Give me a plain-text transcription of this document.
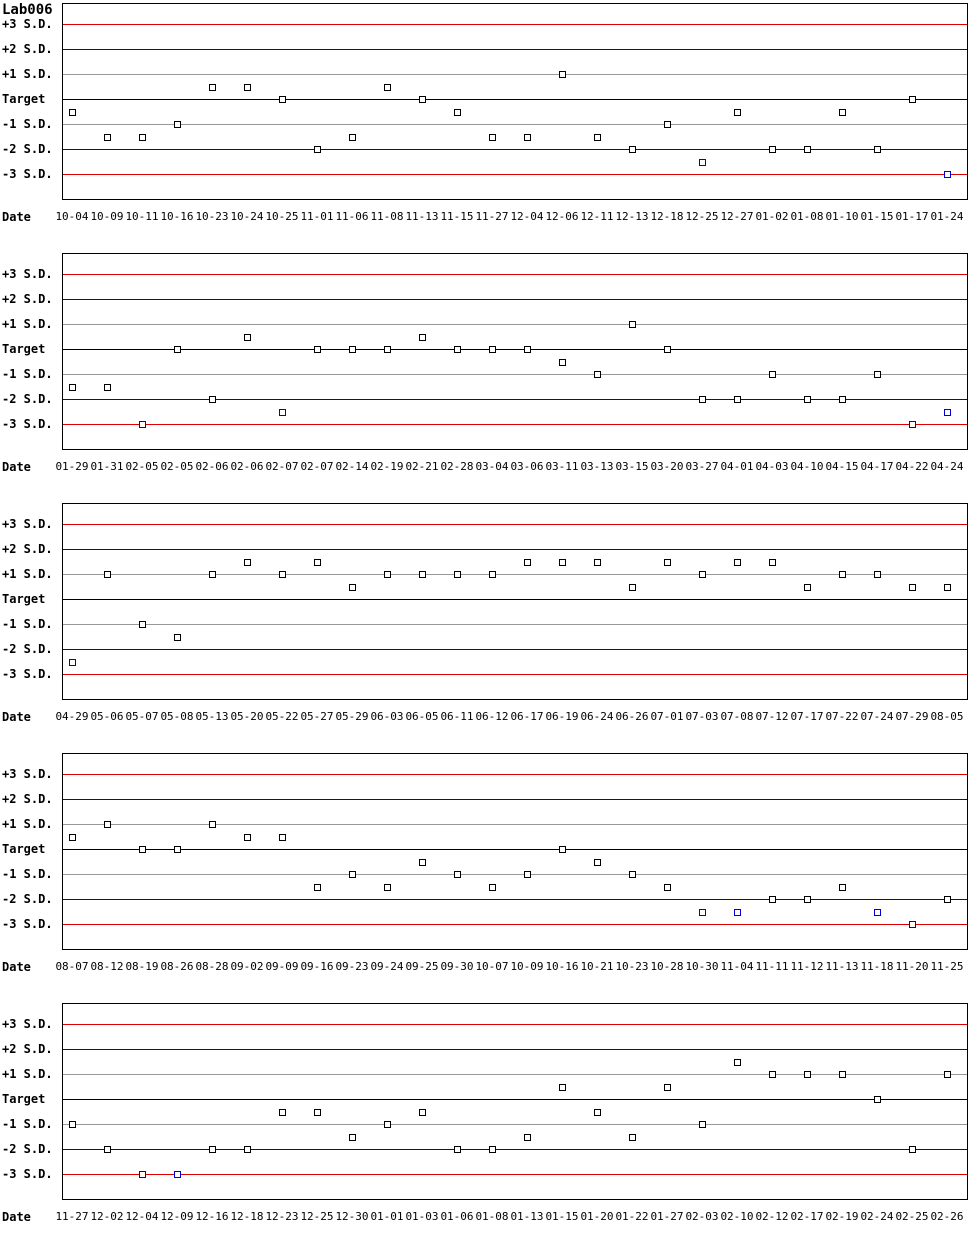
Lab006
+3 S.D.
+2 S.D.
+1 S.D.
Target
-1 S.D.
-2 S.D.
-3 S.D.
10-04 10-09 10-11 10-16 10-23 10-24 10-25 11-01 11-06 11-08 11-13 11-15 11-27 12-04 12-06 12-11 12-13 12-18 12-25 12-27 01-02 01-08 01-10 01-15 01-17 01-24
Date
+3 S.D.
+2 S.D.
+1 S.D.
Target
-1 S.D.
-2 S.D.
-3 S.D.
01-29 01-31 02-05 02-05 02-06 02-06 02-07 02-07 02-14 02-19 02-21 02-28 03-04 03-06 03-11 03-13 03-15 03-20 03-27 04-01 04-03 04-10 04-15 04-17 04-22 04-24
Date
+3 S.D.
+2 S.D.
+1 S.D.
Target
-1 S.D.
-2 S.D.
-3 S.D.
04-29 05-06 05-07 05-08 05-13 05-20 05-22 05-27 05-29 06-03 06-05 06-11 06-12 06-17 06-19 06-24 06-26 07-01 07-03 07-08 07-12 07-17 07-22 07-24 07-29 08-05
Date
+3 S.D.
+2 S.D.
+1 S.D.
Target
-1 S.D.
-2 S.D.
-3 S.D.
08-07 08-12 08-19 08-26 08-28 09-02 09-09 09-16 09-23 09-24 09-25 09-30 10-07 10-09 10-16 10-21 10-23 10-28 10-30 11-04 11-11 11-12 11-13 11-18 11-20 11-25
Date
+3 S.D.
+2 S.D.
+1 S.D.
Target
-1 S.D.
-2 S.D.
-3 S.D.
11-27 12-02 12-04 12-09 12-16 12-18 12-23 12-25 12-30 01-01 01-03 01-06 01-08 01-13 01-15 01-20 01-22 01-27 02-03 02-10 02-12 02-17 02-19 02-24 02-25 02-26
Date
